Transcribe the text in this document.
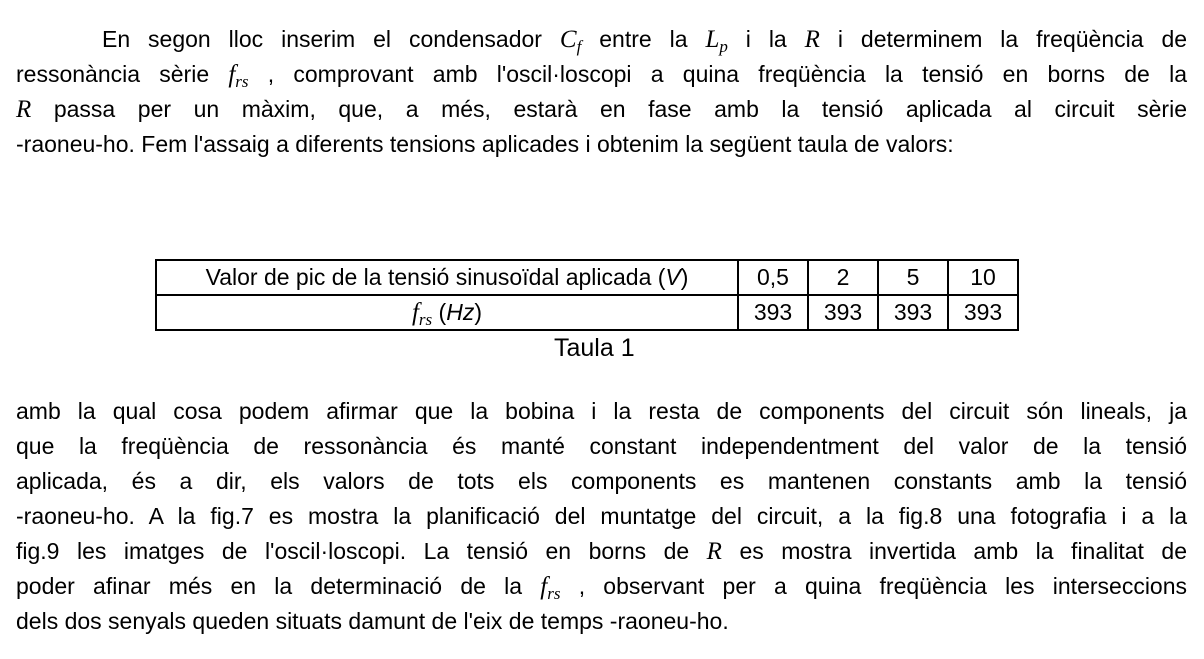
En segon lloc inserim el condensador $C_f$ entre la $L_p$ i la R i determinem la freqüència de
ressonància sèrie $f_{rs}$ , comprovant amb l'oscil·loscopi a quina freqüència la tensió en borns de la
R passa per un màxim, que, a més, estarà en fase amb la tensió aplicada al circuit sèrie
-raoneu-ho. Fem l'assaig a diferents tensions aplicades i obtenim la següent taula de valors:
Valor de pic de la tensió sinusoïdal aplicada (V)	0,5	2	5	10
$f_{rs}$ (Hz)	393	393	393	393
Taula 1
amb la qual cosa podem afirmar que la bobina i la resta de components del circuit són lineals, ja
que la freqüència de ressonància és manté constant independentment del valor de la tensió
aplicada, és a dir, els valors de tots els components es mantenen constants amb la tensió
-raoneu-ho. A la fig.7 es mostra la planificació del muntatge del circuit, a la fig.8 una fotografia i a la
fig.9 les imatges de l'oscil·loscopi. La tensió en borns de R es mostra invertida amb la finalitat de
poder afinar més en la determinació de la $f_{rs}$ , observant per a quina freqüència les interseccions
dels dos senyals queden situats damunt de l'eix de temps -raoneu-ho.
